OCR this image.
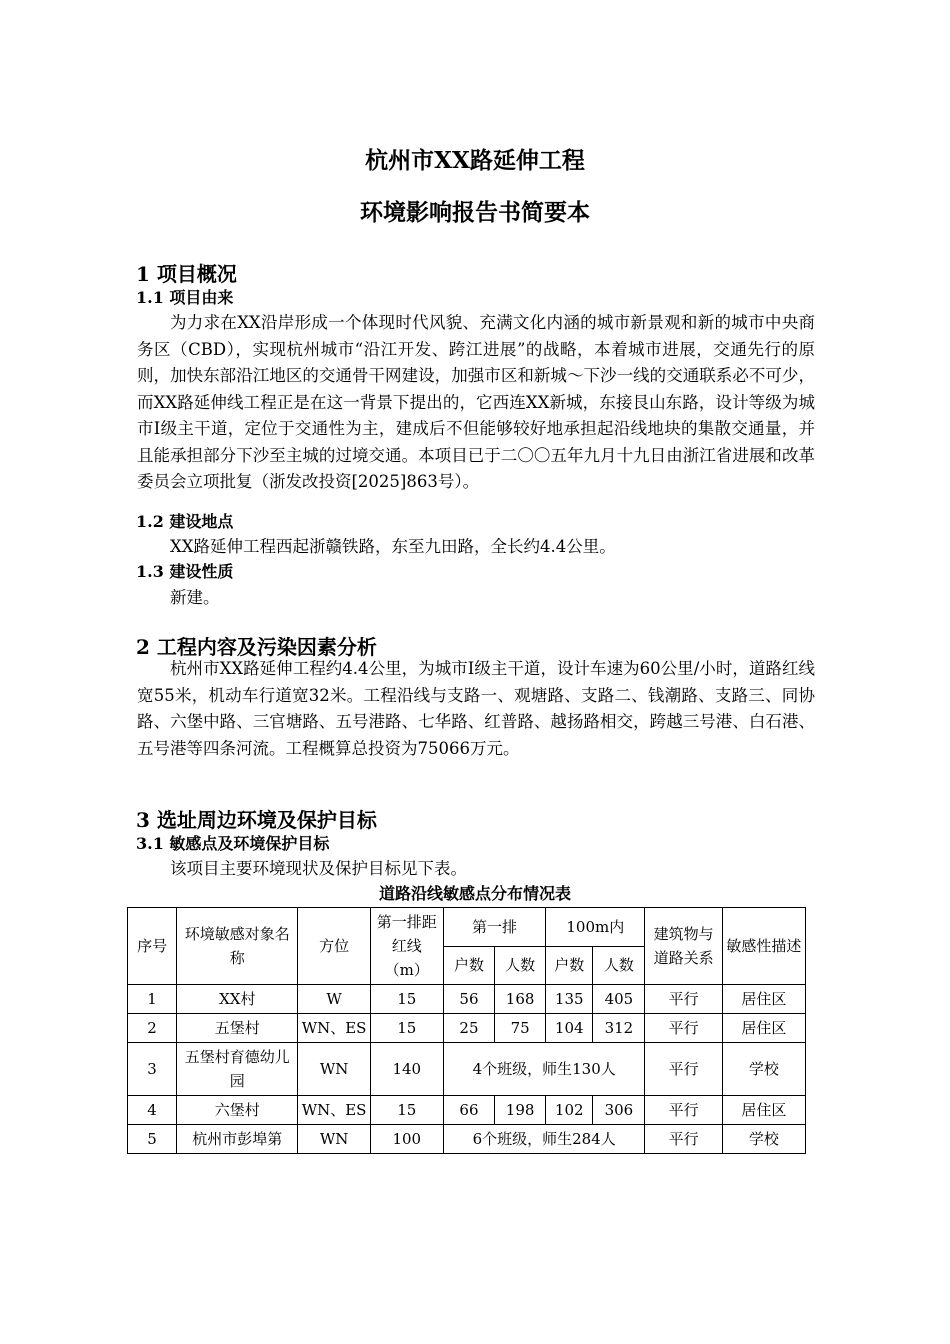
杭州市XX路延伸工程
环境影响报告书简要本
1 项目概况
1.1 项目由来

为力求在XX沿岸形成一个体现时代风貌、充满文化内涵的城市新景观和新的城市中央商务区（CBD），实现杭州城市“沿江开发、跨江进展”的战略，本着城市进展，交通先行的原则，加快东部沿江地区的交通骨干网建设，加强市区和新城～下沙一线的交通联系必不可少，而XX路延伸线工程正是在这一背景下提出的，它西连XX新城，东接艮山东路，设计等级为城市Ⅰ级主干道，定位于交通性为主，建成后不但能够较好地承担起沿线地块的集散交通量，并且能承担部分下沙至主城的过境交通。本项目已于二〇〇五年九月十九日由浙江省进展和改革委员会立项批复（浙发改投资[2025]863号）。

1.2 建设地点

XX路延伸工程西起浙赣铁路，东至九田路，全长约4.4公里。

1.3 建设性质

新建。

2 工程内容及污染因素分析

杭州市XX路延伸工程约4.4公里，为城市Ⅰ级主干道，设计车速为60公里/小时，道路红线宽55米，机动车行道宽32米。工程沿线与支路一、观塘路、支路二、钱潮路、支路三、同协路、六堡中路、三官塘路、五号港路、七华路、红普路、越扬路相交，跨越三号港、白石港、五号港等四条河流。工程概算总投资为75066万元。

3 选址周边环境及保护目标
3.1 敏感点及环境保护目标

该项目主要环境现状及保护目标见下表。

道路沿线敏感点分布情况表
序号	环境敏感对象名称	方位	第一排距红线（m）	第一排		100m内		建筑物与道路关系	敏感性描述
				户数	人数	户数	人数		
1	XX村	W	15	56	168	135	405	平行	居住区
2	五堡村	WN、ES	15	25	75	104	312	平行	居住区
3	五堡村育德幼儿园	WN	140	4个班级，师生130人				平行	学校
4	六堡村	WN、ES	15	66	198	102	306	平行	居住区
5	杭州市彭埠第	WN	100	6个班级，师生284人				平行	学校
